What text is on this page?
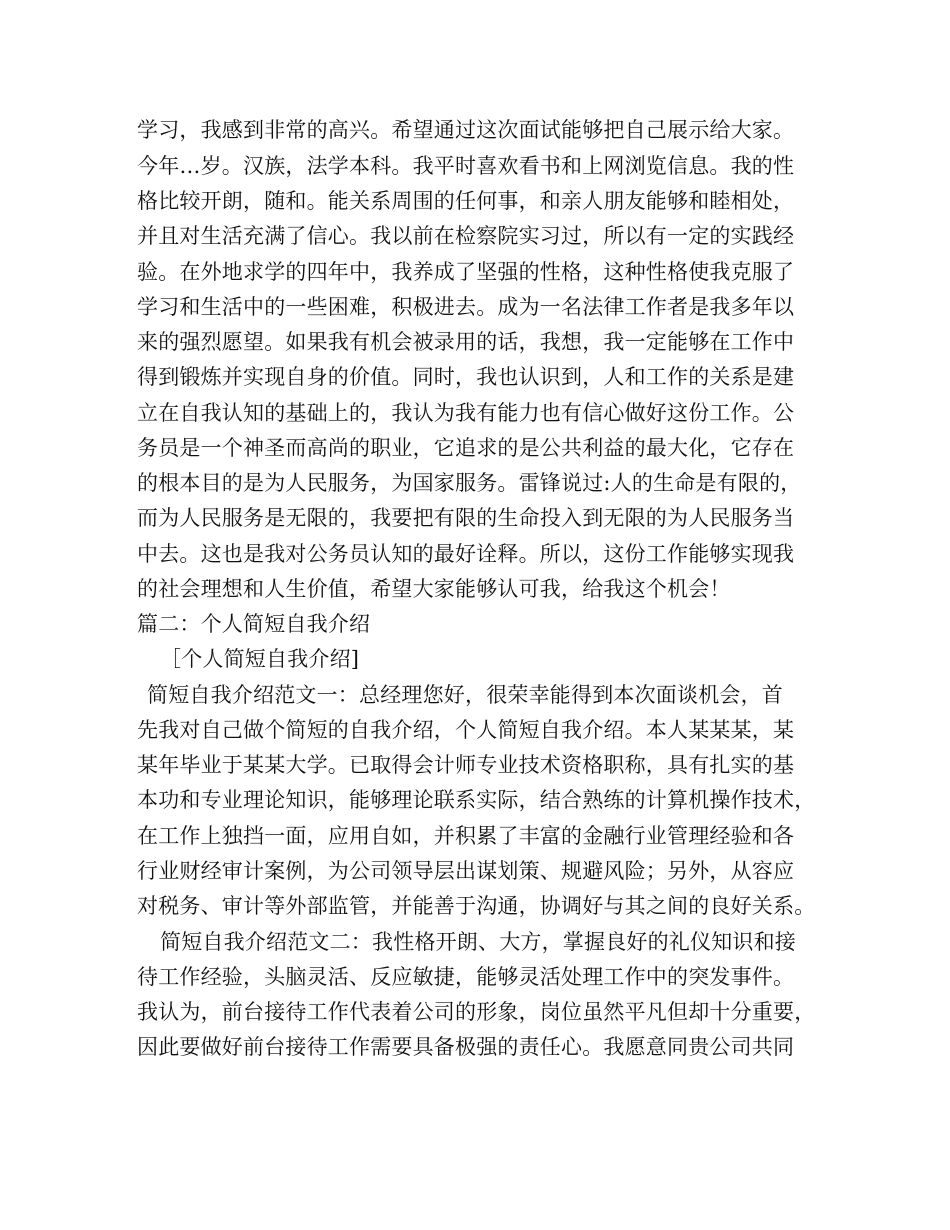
学习，我感到非常的高兴。希望通过这次面试能够把自己展示给大家。
今年…岁。汉族，法学本科。我平时喜欢看书和上网浏览信息。我的性
格比较开朗，随和。能关系周围的任何事，和亲人朋友能够和睦相处，
并且对生活充满了信心。我以前在检察院实习过，所以有一定的实践经
验。在外地求学的四年中，我养成了坚强的性格，这种性格使我克服了
学习和生活中的一些困难，积极进去。成为一名法律工作者是我多年以
来的强烈愿望。如果我有机会被录用的话，我想，我一定能够在工作中
得到锻炼并实现自身的价值。同时，我也认识到，人和工作的关系是建
立在自我认知的基础上的，我认为我有能力也有信心做好这份工作。公
务员是一个神圣而高尚的职业，它追求的是公共利益的最大化，它存在
的根本目的是为人民服务，为国家服务。雷锋说过:人的生命是有限的，
而为人民服务是无限的，我要把有限的生命投入到无限的为人民服务当
中去。这也是我对公务员认知的最好诠释。所以，这份工作能够实现我
的社会理想和人生价值，希望大家能够认可我，给我这个机会！
篇二：个人简短自我介绍
［个人简短自我介绍]
简短自我介绍范文一：总经理您好，很荣幸能得到本次面谈机会，首
先我对自己做个简短的自我介绍，个人简短自我介绍。本人某某某，某
某年毕业于某某大学。已取得会计师专业技术资格职称，具有扎实的基
本功和专业理论知识，能够理论联系实际，结合熟练的计算机操作技术，
在工作上独挡一面，应用自如，并积累了丰富的金融行业管理经验和各
行业财经审计案例，为公司领导层出谋划策、规避风险；另外，从容应
对税务、审计等外部监管，并能善于沟通，协调好与其之间的良好关系。
简短自我介绍范文二：我性格开朗、大方，掌握良好的礼仪知识和接
待工作经验，头脑灵活、反应敏捷，能够灵活处理工作中的突发事件。
我认为，前台接待工作代表着公司的形象，岗位虽然平凡但却十分重要，
因此要做好前台接待工作需要具备极强的责任心。我愿意同贵公司共同
